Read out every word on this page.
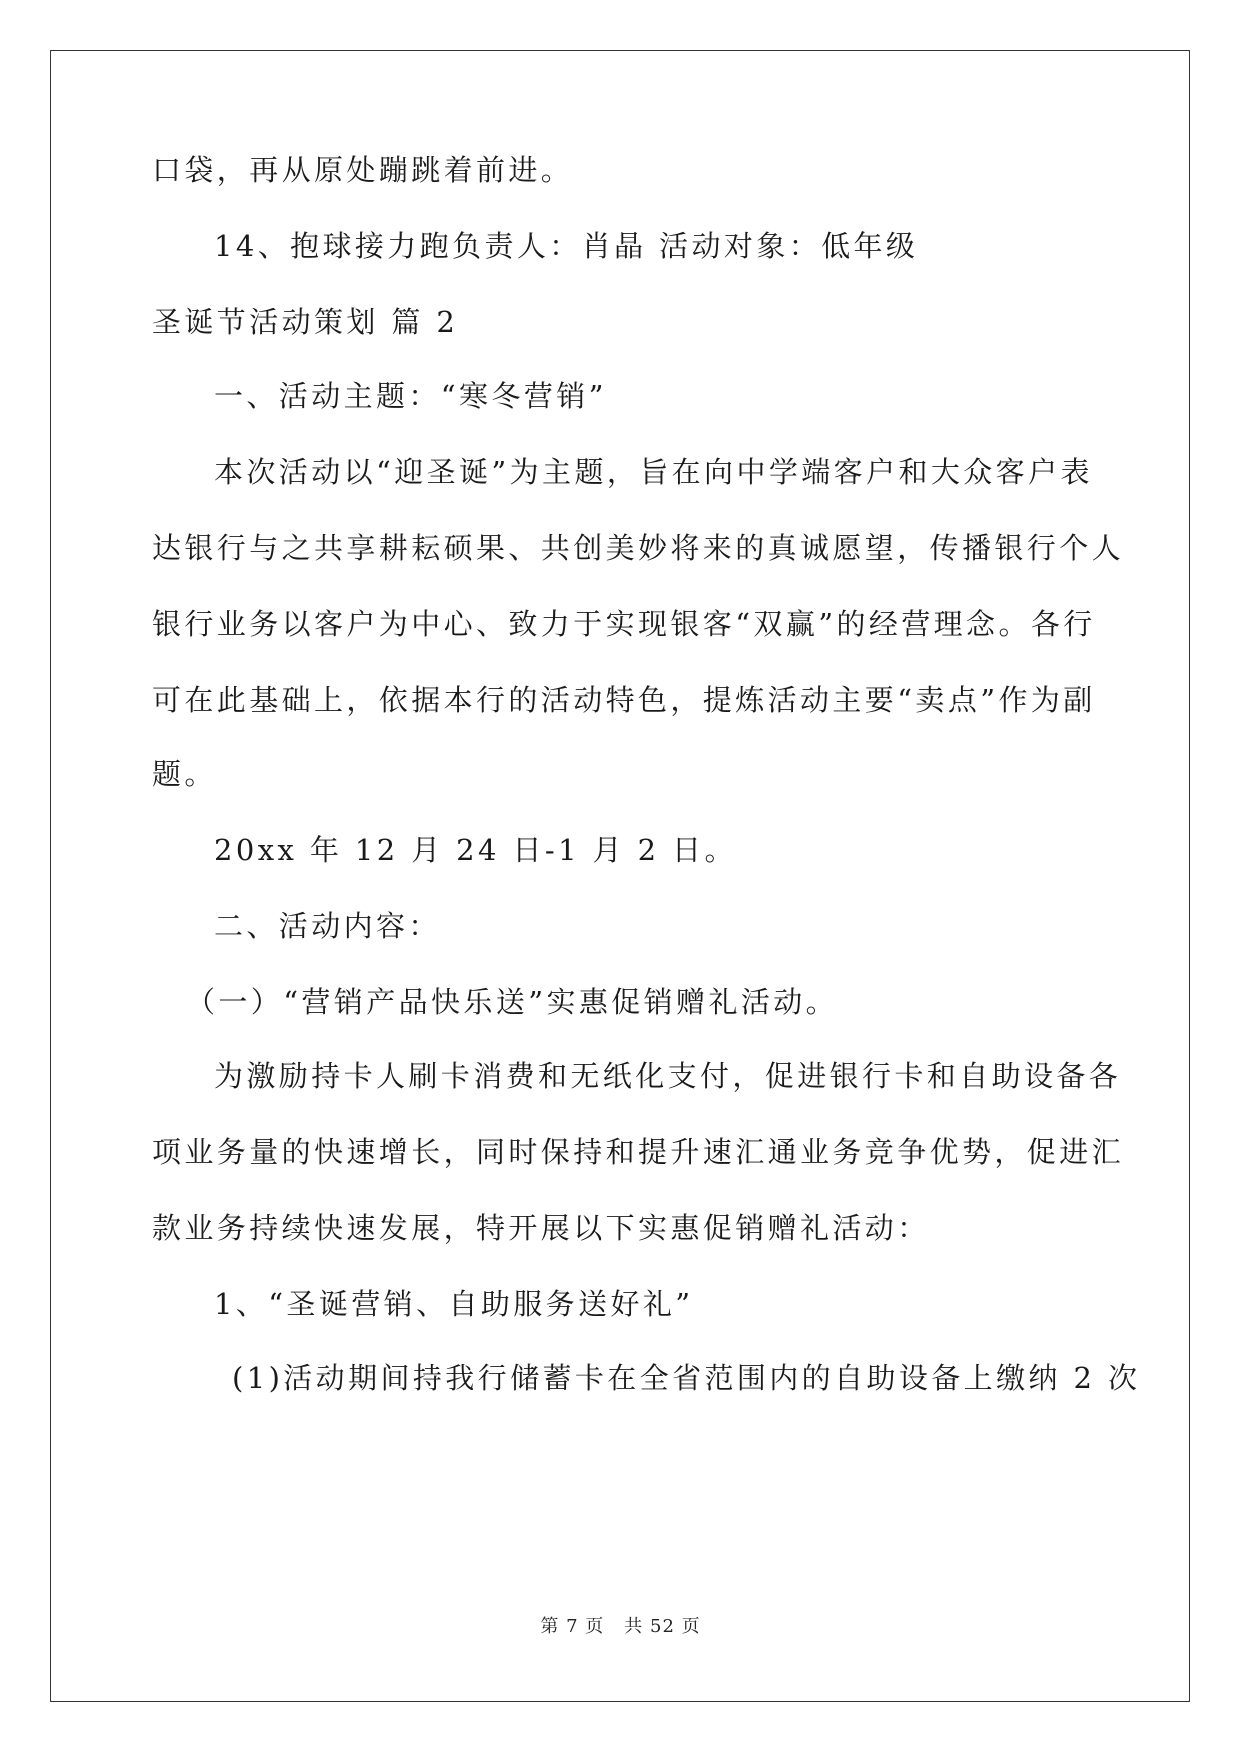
口袋，再从原处蹦跳着前进。
14、抱球接力跑负责人：肖晶 活动对象：低年级
圣诞节活动策划 篇 2
一、活动主题：“寒冬营销”
本次活动以“迎圣诞”为主题，旨在向中学端客户和大众客户表
达银行与之共享耕耘硕果、共创美妙将来的真诚愿望，传播银行个人
银行业务以客户为中心、致力于实现银客“双赢”的经营理念。各行
可在此基础上，依据本行的活动特色，提炼活动主要“卖点”作为副
题。
20xx 年 12 月 24 日-1 月 2 日。
二、活动内容：
（一）“营销产品快乐送”实惠促销赠礼活动。
为激励持卡人刷卡消费和无纸化支付，促进银行卡和自助设备各
项业务量的快速增长，同时保持和提升速汇通业务竞争优势，促进汇
款业务持续快速发展，特开展以下实惠促销赠礼活动：
1、“圣诞营销、自助服务送好礼”
(1)活动期间持我行储蓄卡在全省范围内的自助设备上缴纳 2 次
第 7 页 共 52 页
